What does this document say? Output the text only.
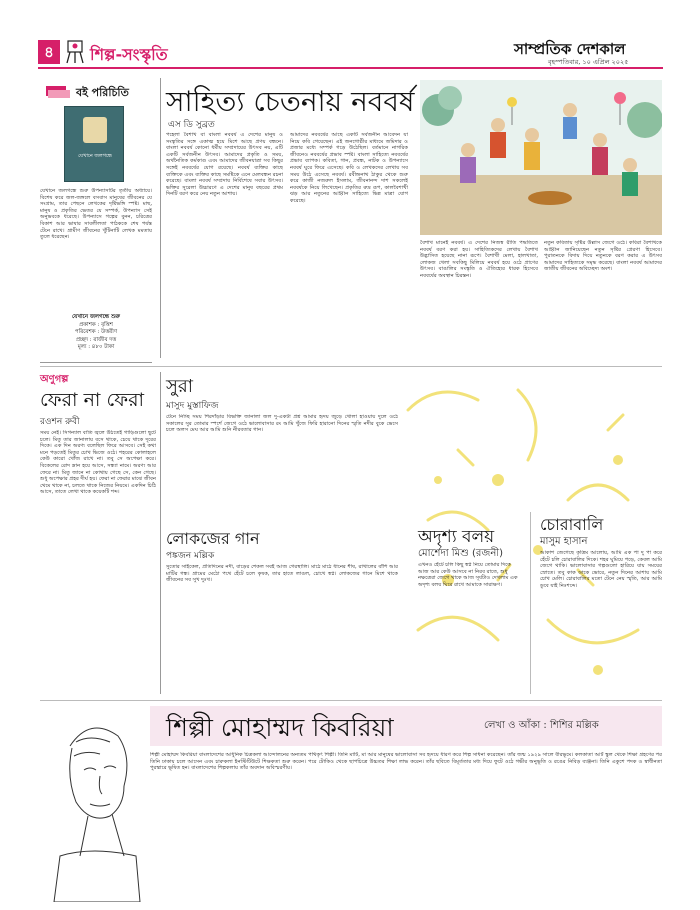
৪	শিল্প-সংস্কৃতি	সাম্প্রতিক দেশকাল
বৃহস্পতিবার, ১০ এপ্রিল ২০২৫
বই পরিচিতি
যেখানে জলগন্ধে
যেখানে জলগন্ধে শুরু উপন্যাসটির তৃতীয় অধ্যায়ে। বিশেষ করে জল-জঙ্গলে বসবাস মানুষের জীবনের যে সংগ্রাম, তার পেছনে লেখকের দৃষ্টিভঙ্গি স্পষ্ট। মাছ, মানুষ ও প্রকৃতির ভেতর যে সম্পর্ক, উপন্যাস সেই অনুভবকে ধরেছে। উপন্যাসে গল্পের বুনন, চরিত্রের বিকাশ আর ভাষার সাবলীলতা পাঠককে শেষ পর্যন্ত টেনে রাখে। গ্রামীণ জীবনের খুঁটিনাটি লেখক মমতায় তুলে ধরেছেন।
যেখানে জলগন্ধে শুরু
প্রকাশক : বৃত্তিশ
পরিবেশক : উত্তরীণ
প্রচ্ছদ : রাজীব দত্ত
মূল্য : ৪৮০ টাকা
সাহিত্য চেতনায় নববর্ষ
এস ডি সুব্রত
পহেলা বৈশাখ বা বাংলা নববর্ষ এ দেশের মানুষ ও সংস্কৃতির সঙ্গে একাত্ম হয়ে মিশে আছে প্রণয় বন্ধনে। বাংলা নববর্ষ কোনো ধর্মীয় সম্প্রদায়ের উৎসব নয়, এটি একটি সর্বজনীন উৎসব। আমাদের প্রকৃতি ও সময়, অর্থনৈতিক কর্মকাণ্ড এবং আমাদের জীবনযাত্রা সব কিছুর সঙ্গেই নববর্ষের যোগ রয়েছে। নববর্ষ ব্যক্তির কাছে ব্যক্তিকে এবং ব্যক্তির কাছে সমষ্টিকে এনে মেলবন্ধন রচনা করেছে। বাংলা নববর্ষ সম্প্রদায় নির্বিশেষে সবার উৎসব। ভক্তির সুরেলা উচ্চারণে এ দেশের মানুষ বছরের প্রথম দিনটি বরণ করে নেয় নতুন আশায়।
আমাদের নববর্ষের আছে একটি সর্বজনীন আবেদন যা নিয়ে কবি গেয়েছেন। এই জনগোষ্ঠীর মাধ্যমে জমিদার ও প্রজার মধ্যে সম্পর্ক গড়ে উঠেছিল। বর্তমানে নাগরিক জীবনেও নববর্ষের প্রভাব স্পষ্ট। বাংলা সাহিত্যে নববর্ষের প্রভাব ব্যাপক। কবিতা, গান, প্রবন্ধ, নাটক ও উপন্যাসে নববর্ষ ঘুরে ফিরে এসেছে। কবি ও লেখকদের লেখায় সব সময় উঠে এসেছে নববর্ষ। রবীন্দ্রনাথ ঠাকুর থেকে শুরু করে কাজী নজরুল ইসলাম, জীবনানন্দ দাশ সকলেই নববর্ষকে নিয়ে লিখেছেন। প্রকৃতির রুদ্র রূপ, কালবৈশাখী ঝড় আর নতুনের আহ্বান সাহিত্যে ভিন্ন মাত্রা যোগ করেছে।
বৈশাখ মানেই নববর্ষ। এ দেশের নিজস্ব রীতি পদ্ধতিতে নববর্ষ বরণ করা হয়। সাহিত্যিকদের লেখায় বৈশাখ উদ্ভাসিত হয়েছে নানা রূপে। বৈশাখী মেলা, হালখাতা, লোকজ খেলা সবকিছু মিলিয়ে নববর্ষ হয়ে ওঠে প্রাণের উৎসব। বাঙালির সংস্কৃতি ও ঐতিহ্যের ধারক হিসেবে নববর্ষের অবস্থান চিরন্তন।
নতুন কবিতায় সৃষ্টির উল্লাস জেগে ওঠে। কবিরা বৈশাখকে আহ্বান জানিয়েছেন নতুন সৃষ্টির প্রেরণা হিসেবে। পুরাতনকে বিদায় দিয়ে নতুনকে বরণ করার এ উৎসব আমাদের সাহিত্যকে সমৃদ্ধ করেছে। বাংলা নববর্ষ আমাদের জাতীয় জীবনের অবিচ্ছেদ্য অংশ।
অণুগল্প
ফেরা না ফেরা
রওশন রুবী
সময় নেই। সিগন্যাল বাতি জ্বলে উঠতেই গাড়িগুলো ছুটে চলে। মিতু তার জানালায় বসে থাকে, চেয়ে থাকে দূরের দিকে। এক দিন অরণ্য বলেছিল ফিরে আসবে। সেই কথা মনে পড়তেই মিতুর চোখ ভিজে ওঠে। শহরের কোলাহলে কেউ কারো খোঁজ রাখে না। তবু সে অপেক্ষা করে। বিকেলের রোদ ম্লান হয়ে আসে, সন্ধ্যা নামে। অরণ্য আর ফেরে না। মিতু জানে না কোথায় গেছে সে, কেন গেছে। শুধু অপেক্ষার প্রহর দীর্ঘ হয়। ফেরা না ফেরার মাঝে জীবন থেমে থাকে না, চলতে থাকে নিজের নিয়মে। একদিন চিঠি আসে, তাতে লেখা থাকে কয়েকটি শব্দ।
সুরা
মাসুদ মুস্তাফিজ
টেনে নিচ্ছি সময় শিরদাঁড়ার বিভক্তি জানালা জল দু-একটা প্রশ্ন আমার হৃদয় জুড়ে খোলা হাওয়ায় দুলে ওঠে সকালের সুর তোমার স্পর্শে জেগে ওঠে ভালোবাসার রং আমি খুঁজে ফিরি হারানো দিনের স্মৃতি নদীর বুকে ভেসে চলে অলস মেঘ আর আমি শুনি নীরবতার গান।
লোকজের গান
পঙ্কজন মল্লিক
সুতোর সাইকেল, প্রতিদিনের নদী, বাড়ের শেকল সবই আজ গেরস্থালি। মাঠে মাঠে ধানের শীষ, রাখালের বাঁশি আর মাটির গন্ধ। গ্রামের মেঠো পথে হেঁটে চলে কৃষক, তার হাতে লাঙল, চোখে স্বপ্ন। লোকজের গানে মিশে থাকে জীবনের সব সুখ দুঃখ।
অদৃশ্য বলয়
মোর্শেদা মিশু (রজনী)
এখনও হেঁটে চলি কিছু স্বপ্ন নিয়ে তোমার দিকে আজ আর কেউ আসবে না নিরব রাতে, শুধু নক্ষত্রেরা জেগে থাকে আজ সূর্যটাও দেখলাম এক অদৃশ্য বলয় ঘিরে রাখে আমাকে সারাক্ষণ।
চোরাবালি
মাসুম হাসান
আকাশ জেগেছে কৃত্রিম আলোয়, আমি এক পা দু পা করে হেঁটে চলি চোরাবালির দিকে। শহর ঘুমিয়ে পড়ে, কেবল আমি জেগে থাকি। ভালোবাসার গল্পগুলো হারিয়ে যায় সময়ের স্রোতে। তবু কাক ডাকে ভোরে, নতুন দিনের আশায় আমি চোখ মেলি। চোরাবালির মতো টেনে নেয় স্মৃতি, আর আমি ডুবে যাই নিঃশব্দে।
শিল্পী মোহাম্মদ কিবরিয়া	লেখা ও আঁকা : শিশির মল্লিক
শিল্পী মোহাম্মদ কিবরিয়া বাংলাদেশের আধুনিক চিত্রকলা আন্দোলনের অন্যতম পথিকৃৎ শিল্পী। তিনি মাটি, মা আর মানুষের ভালোবাসা সব হৃদয়ে ধারণ করে শিল্প সাধনা করেছেন। তাঁর জন্ম ১৯২৯ সালে বীরভূমে। কলকাতা আর্ট স্কুল থেকে শিক্ষা গ্রহণের পর তিনি ঢাকায় চলে আসেন এবং চারুকলা ইনস্টিটিউটে শিক্ষকতা শুরু করেন। পরে টোকিও থেকে ছাপচিত্রে উচ্চতর শিক্ষা লাভ করেন। তাঁর ছবিতে বিমূর্ততার মধ্য দিয়ে ফুটে ওঠে গভীর অনুভূতি ও রঙের নিবিড় ব্যঞ্জনা। তিনি একুশে পদক ও স্বাধীনতা পুরস্কারে ভূষিত হন। বাংলাদেশের শিল্পকলায় তাঁর অবদান অবিস্মরণীয়।
